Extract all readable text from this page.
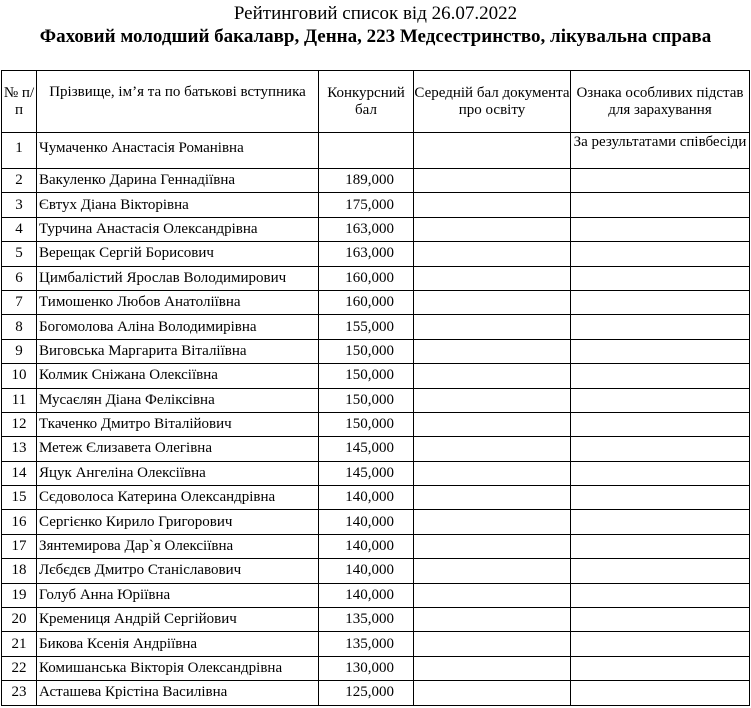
Рейтинговий список від 26.07.2022
Фаховий молодший бакалавр, Денна, 223 Медсестринство, лікувальна справа
№ п/п	Прізвище, ім’я та по батькові вступника	Конкурсний бал	Середній бал документа про освіту	Ознака особливих підстав для зарахування
1	Чумаченко Анастасія Романівна			За результатами співбесіди
2	Вакуленко Дарина Геннадіївна	189,000		
3	Євтух Діана Вікторівна	175,000		
4	Турчина Анастасія Олександрівна	163,000		
5	Верещак Сергій Борисович	163,000		
6	Цимбалістий Ярослав Володимирович	160,000		
7	Тимошенко Любов Анатоліївна	160,000		
8	Богомолова Аліна Володимирівна	155,000		
9	Виговська Маргарита Віталіївна	150,000		
10	Колмик Сніжана Олексіївна	150,000		
11	Мусаєлян Діана Феліксівна	150,000		
12	Ткаченко Дмитро Віталійович	150,000		
13	Метеж Єлизавета Олегівна	145,000		
14	Яцук Ангеліна Олексіївна	145,000		
15	Сєдоволоса Катерина Олександрівна	140,000		
16	Сергієнко Кирило Григорович	140,000		
17	Зянтемирова Дар`я Олексіївна	140,000		
18	Лєбєдєв Дмитро Станіславович	140,000		
19	Голуб Анна Юріївна	140,000		
20	Кремениця Андрій Сергійович	135,000		
21	Бикова Ксенія Андріївна	135,000		
22	Комишанська Вікторія Олександрівна	130,000		
23	Асташева Крістіна Василівна	125,000		
